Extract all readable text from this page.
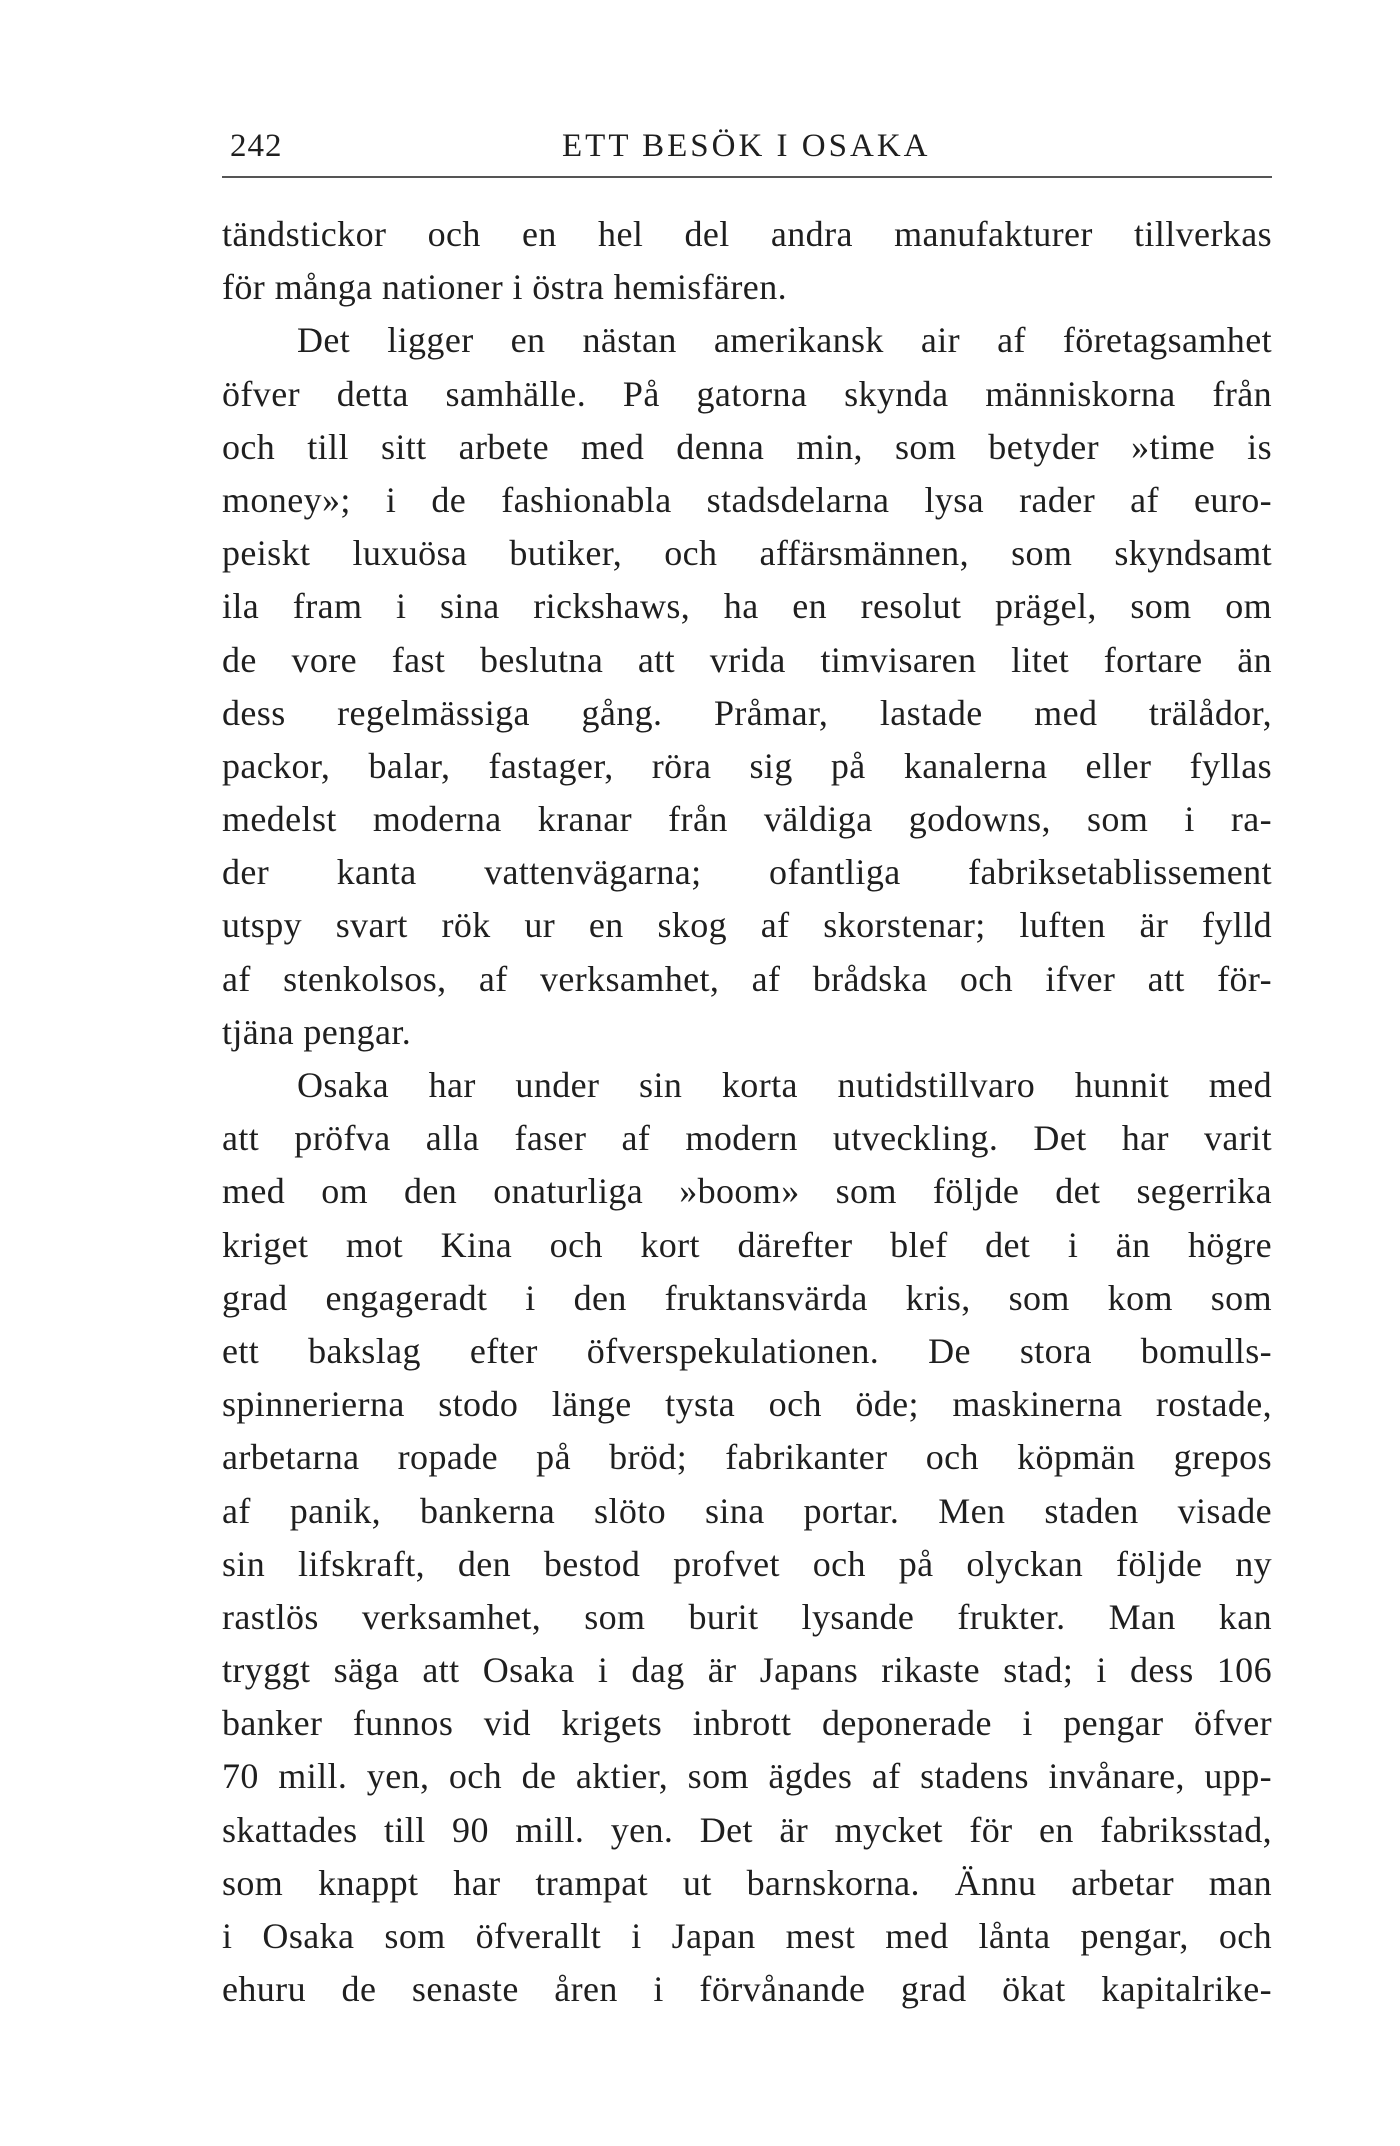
242	ETT BESÖK I OSAKA
tändstickor och en hel del andra manufakturer tillverkas
för många nationer i östra hemisfären.
Det ligger en nästan amerikansk air af företagsamhet
öfver detta samhälle. På gatorna skynda människorna från
och till sitt arbete med denna min, som betyder »time is
money»; i de fashionabla stadsdelarna lysa rader af euro-
peiskt luxuösa butiker, och affärsmännen, som skyndsamt
ila fram i sina rickshaws, ha en resolut prägel, som om
de vore fast beslutna att vrida timvisaren litet fortare än
dess regelmässiga gång. Pråmar, lastade med trälådor,
packor, balar, fastager, röra sig på kanalerna eller fyllas
medelst moderna kranar från väldiga godowns, som i ra-
der kanta vattenvägarna; ofantliga fabriksetablissement
utspy svart rök ur en skog af skorstenar; luften är fylld
af stenkolsos, af verksamhet, af brådska och ifver att för-
tjäna pengar.
Osaka har under sin korta nutidstillvaro hunnit med
att pröfva alla faser af modern utveckling. Det har varit
med om den onaturliga »boom» som följde det segerrika
kriget mot Kina och kort därefter blef det i än högre
grad engageradt i den fruktansvärda kris, som kom som
ett bakslag efter öfverspekulationen. De stora bomulls-
spinnerierna stodo länge tysta och öde; maskinerna rostade,
arbetarna ropade på bröd; fabrikanter och köpmän grepos
af panik, bankerna slöto sina portar. Men staden visade
sin lifskraft, den bestod profvet och på olyckan följde ny
rastlös verksamhet, som burit lysande frukter. Man kan
tryggt säga att Osaka i dag är Japans rikaste stad; i dess 106
banker funnos vid krigets inbrott deponerade i pengar öfver
70 mill. yen, och de aktier, som ägdes af stadens invånare, upp-
skattades till 90 mill. yen. Det är mycket för en fabriksstad,
som knappt har trampat ut barnskorna. Ännu arbetar man
i Osaka som öfverallt i Japan mest med lånta pengar, och
ehuru de senaste åren i förvånande grad ökat kapitalrike-
